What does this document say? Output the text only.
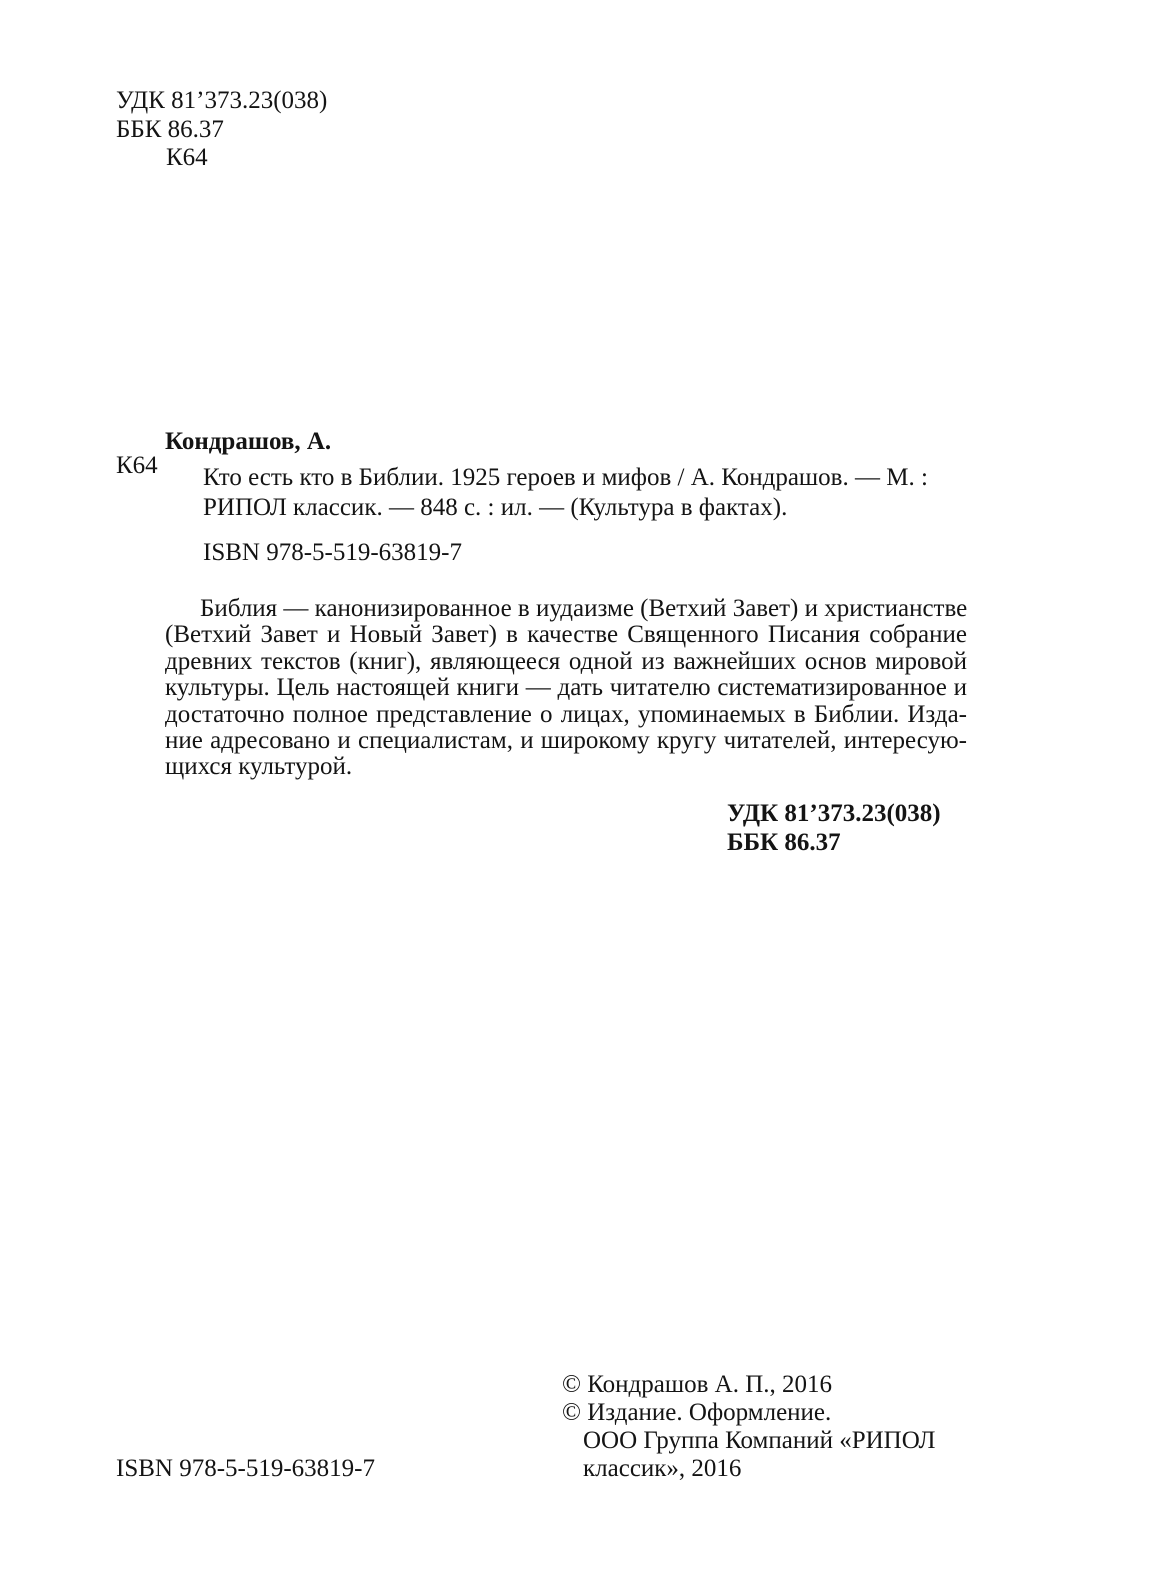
УДК 81’373.23(038)
ББК 86.37
К64
Кондрашов, А.
К64 Кто есть кто в Библии. 1925 героев и мифов / А. Кондрашов. — М. :
РИПОЛ классик. — 848 с. : ил. — (Культура в фактах).
ISBN 978-5-519-63819-7
Библия — канонизированное в иудаизме (Ветхий Завет) и христианстве
(Ветхий Завет и Новый Завет) в качестве Священного Писания собрание
древних текстов (книг), являющееся одной из важнейших основ мировой
культуры. Цель настоящей книги — дать читателю систематизированное и
достаточно полное представление о лицах, упоминаемых в Библии. Изда-
ние адресовано и специалистам, и широкому кругу читателей, интересую-
щихся культурой.
УДК 81’373.23(038)
ББК 86.37
© Кондрашов А. П., 2016
© Издание. Оформление.
ООО Группа Компаний «РИПОЛ
классик», 2016
ISBN 978-5-519-63819-7
